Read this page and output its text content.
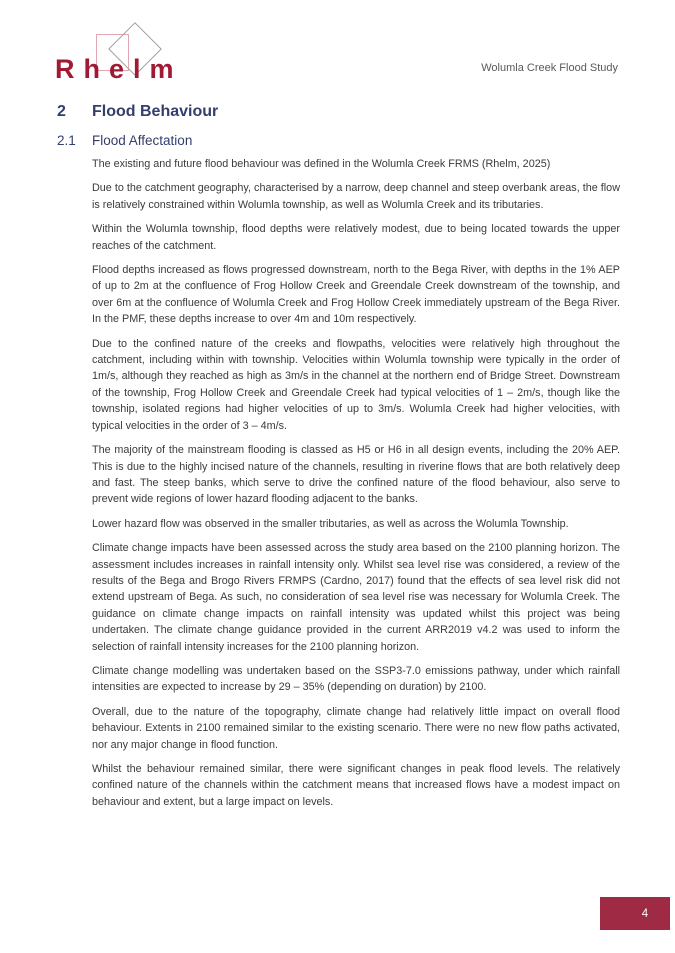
R h e l m	Wolumla Creek Flood Study
2	Flood Behaviour
2.1	Flood Affectation

The existing and future flood behaviour was defined in the Wolumla Creek FRMS (Rhelm, 2025)

Due to the catchment geography, characterised by a narrow, deep channel and steep overbank areas, the flow is relatively constrained within Wolumla township, as well as Wolumla Creek and its tributaries.

Within the Wolumla township, flood depths were relatively modest, due to being located towards the upper reaches of the catchment.

Flood depths increased as flows progressed downstream, north to the Bega River, with depths in the 1% AEP of up to 2m at the confluence of Frog Hollow Creek and Greendale Creek downstream of the township, and over 6m at the confluence of Wolumla Creek and Frog Hollow Creek immediately upstream of the Bega River. In the PMF, these depths increase to over 4m and 10m respectively.

Due to the confined nature of the creeks and flowpaths, velocities were relatively high throughout the catchment, including within with township. Velocities within Wolumla township were typically in the order of 1m/s, although they reached as high as 3m/s in the channel at the northern end of Bridge Street. Downstream of the township, Frog Hollow Creek and Greendale Creek had typical velocities of 1 – 2m/s, though like the township, isolated regions had higher velocities of up to 3m/s. Wolumla Creek had higher velocities, with typical velocities in the order of 3 – 4m/s.

The majority of the mainstream flooding is classed as H5 or H6 in all design events, including the 20% AEP. This is due to the highly incised nature of the channels, resulting in riverine flows that are both relatively deep and fast. The steep banks, which serve to drive the confined nature of the flood behaviour, also serve to prevent wide regions of lower hazard flooding adjacent to the banks.

Lower hazard flow was observed in the smaller tributaries, as well as across the Wolumla Township.

Climate change impacts have been assessed across the study area based on the 2100 planning horizon. The assessment includes increases in rainfall intensity only. Whilst sea level rise was considered, a review of the results of the Bega and Brogo Rivers FRMPS (Cardno, 2017) found that the effects of sea level risk did not extend upstream of Bega. As such, no consideration of sea level rise was necessary for Wolumla Creek. The guidance on climate change impacts on rainfall intensity was updated whilst this project was being undertaken. The climate change guidance provided in the current ARR2019 v4.2 was used to inform the selection of rainfall intensity increases for the 2100 planning horizon.

Climate change modelling was undertaken based on the SSP3-7.0 emissions pathway, under which rainfall intensities are expected to increase by 29 – 35% (depending on duration) by 2100.

Overall, due to the nature of the topography, climate change had relatively little impact on overall flood behaviour. Extents in 2100 remained similar to the existing scenario. There were no new flow paths activated, nor any major change in flood function.

Whilst the behaviour remained similar, there were significant changes in peak flood levels. The relatively confined nature of the channels within the catchment means that increased flows have a modest impact on behaviour and extent, but a large impact on levels.

4
